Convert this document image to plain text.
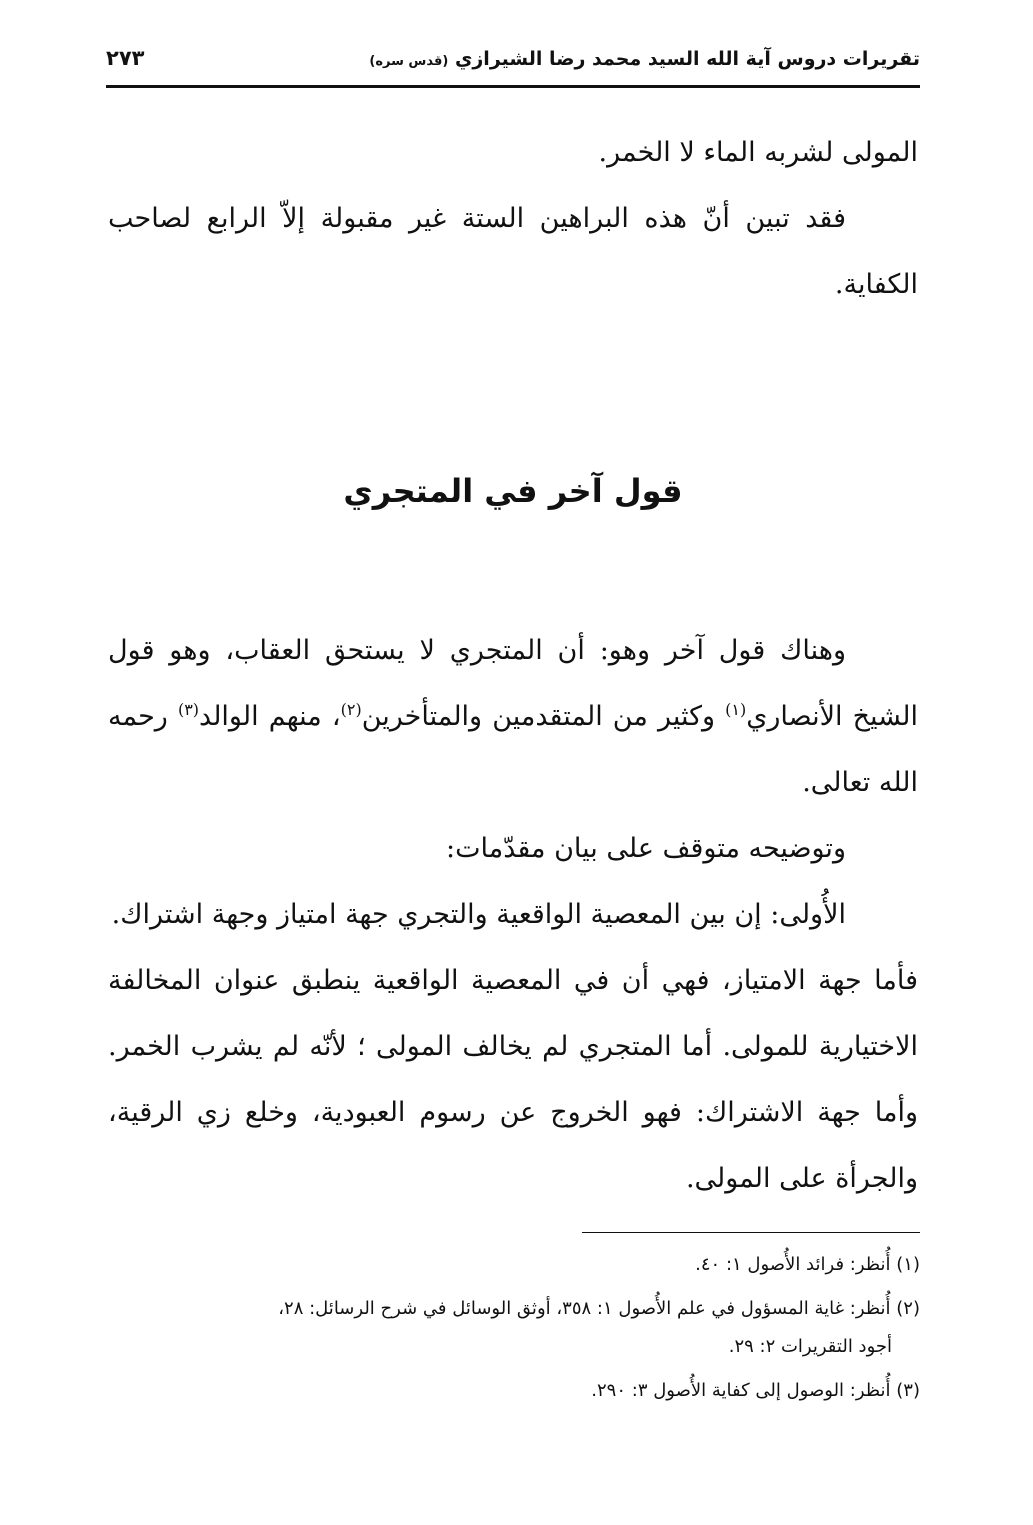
تقريرات دروس آية الله السيد محمد رضا الشيرازي (قدس سره)
٢٧٣

المولى لشربه الماء لا الخمر.

فقد تبين أنّ هذه البراهين الستة غير مقبولة إلاّ الرابع لصاحب الكفاية.

قول آخر في المتجري

وهناك قول آخر وهو: أن المتجري لا يستحق العقاب، وهو قول الشيخ الأنصاري$^{(١)}$ وكثير من المتقدمين والمتأخرين$^{(٢)}$، منهم الوالد$^{(٣)}$ رحمه الله تعالى.

وتوضيحه متوقف على بيان مقدّمات:

الأُولى: إن بين المعصية الواقعية والتجري جهة امتياز وجهة اشتراك.

فأما جهة الامتياز، فهي أن في المعصية الواقعية ينطبق عنوان المخالفة الاختيارية للمولى. أما المتجري لم يخالف المولى ؛ لأنّه لم يشرب الخمر. وأما جهة الاشتراك: فهو الخروج عن رسوم العبودية، وخلع زي الرقية، والجرأة على المولى.

(١) أُنظر: فرائد الأُصول ١: ٤٠.

(٢) أُنظر: غاية المسؤول في علم الأُصول ١: ٣٥٨، أوثق الوسائل في شرح الرسائل: ٢٨،
أجود التقريرات ٢: ٢٩.

(٣) أُنظر: الوصول إلى كفاية الأُصول ٣: ٢٩٠.
